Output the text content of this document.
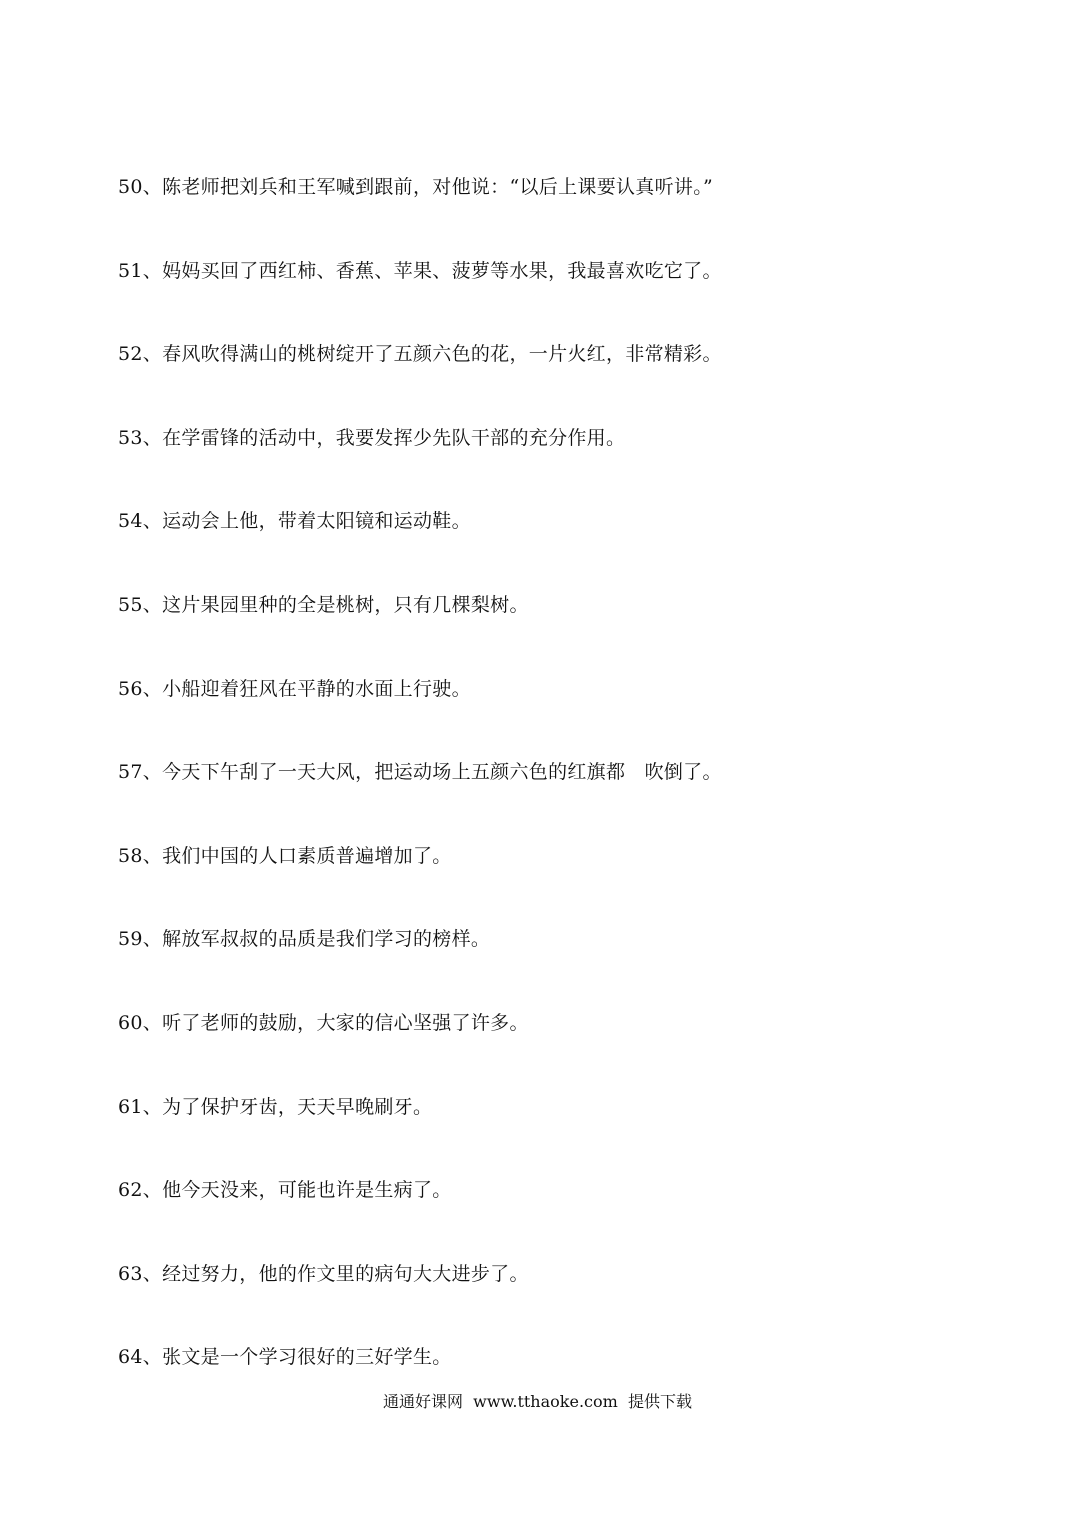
50、陈老师把刘兵和王军喊到跟前，对他说：“以后上课要认真听讲。”
51、妈妈买回了西红柿、香蕉、苹果、菠萝等水果，我最喜欢吃它了。
52、春风吹得满山的桃树绽开了五颜六色的花，一片火红，非常精彩。
53、在学雷锋的活动中，我要发挥少先队干部的充分作用。
54、运动会上他，带着太阳镜和运动鞋。
55、这片果园里种的全是桃树，只有几棵梨树。
56、小船迎着狂风在平静的水面上行驶。
57、今天下午刮了一天大风，把运动场上五颜六色的红旗都　吹倒了。
58、我们中国的人口素质普遍增加了。
59、解放军叔叔的品质是我们学习的榜样。
60、听了老师的鼓励，大家的信心坚强了许多。
61、为了保护牙齿，天天早晚刷牙。
62、他今天没来，可能也许是生病了。
63、经过努力，他的作文里的病句大大进步了。
64、张文是一个学习很好的三好学生。
通通好课网  www.tthaoke.com  提供下载
